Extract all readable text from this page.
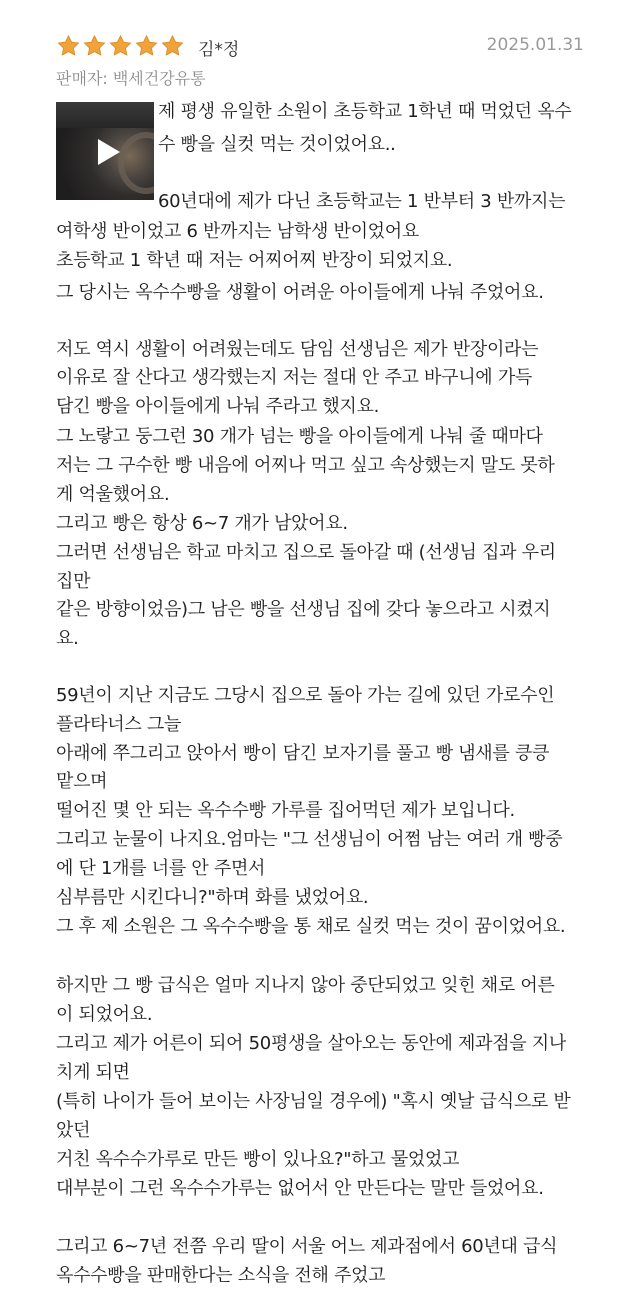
김*정	2025.01.31
판매자: 백세건강유통
제 평생 유일한 소원이 초등학교 1학년 때 먹었던 옥수
수 빵을 실컷 먹는 것이었어요..
60년대에 제가 다닌 초등학교는 1 반부터 3 반까지는
여학생 반이었고 6 반까지는 남학생 반이었어요
초등학교 1 학년 때 저는 어찌어찌 반장이 되었지요.
그 당시는 옥수수빵을 생활이 어려운 아이들에게 나눠 주었어요.
저도 역시 생활이 어려웠는데도 담임 선생님은 제가 반장이라는
이유로 잘 산다고 생각했는지 저는 절대 안 주고 바구니에 가득
담긴 빵을 아이들에게 나눠 주라고 했지요.
그 노랗고 둥그런 30 개가 넘는 빵을 아이들에게 나눠 줄 때마다
저는 그 구수한 빵 내음에 어찌나 먹고 싶고 속상했는지 말도 못하
게 억울했어요.
그리고 빵은 항상 6~7 개가 남았어요.
그러면 선생님은 학교 마치고 집으로 돌아갈 때 (선생님 집과 우리
집만
같은 방향이었음)그 남은 빵을 선생님 집에 갖다 놓으라고 시켰지
요.
59년이 지난 지금도 그당시 집으로 돌아 가는 길에 있던 가로수인
플라타너스 그늘
아래에 쭈그리고 앉아서 빵이 담긴 보자기를 풀고 빵 냄새를 킁킁
맡으며
떨어진 몇 안 되는 옥수수빵 가루를 집어먹던 제가 보입니다.
그리고 눈물이 나지요.엄마는 "그 선생님이 어쩜 남는 여러 개 빵중
에 단 1개를 너를 안 주면서
심부름만 시킨다니?"하며 화를 냈었어요.
그 후 제 소원은 그 옥수수빵을 통 채로 실컷 먹는 것이 꿈이었어요.
하지만 그 빵 급식은 얼마 지나지 않아 중단되었고 잊힌 채로 어른
이 되었어요.
그리고 제가 어른이 되어 50평생을 살아오는 동안에 제과점을 지나
치게 되면
(특히 나이가 들어 보이는 사장님일 경우에) "혹시 옛날 급식으로 받
았던
거친 옥수수가루로 만든 빵이 있나요?"하고 물었었고
대부분이 그런 옥수수가루는 없어서 안 만든다는 말만 들었어요.
그리고 6~7년 전쯤 우리 딸이 서울 어느 제과점에서 60년대 급식
옥수수빵을 판매한다는 소식을 전해 주었고
